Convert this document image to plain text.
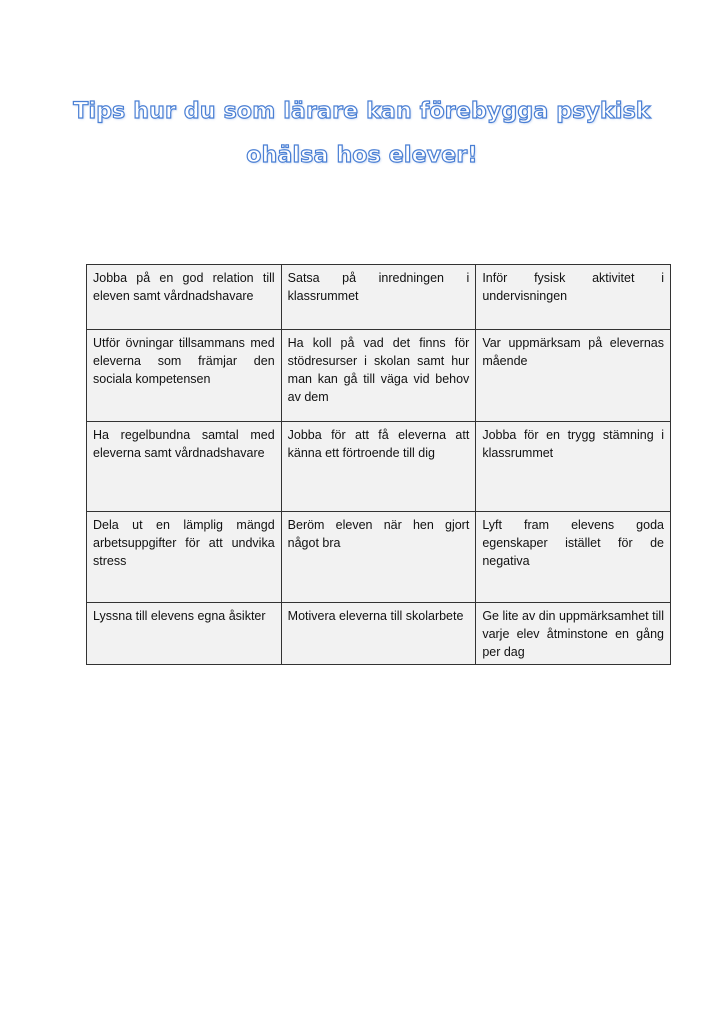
Tips hur du som lärare kan förebygga psykisk
ohälsa hos elever!
Jobba på en god relation till eleven samt vårdnadshavare	Satsa på inredningen i klassrummet	Inför fysisk aktivitet i undervisningen
Utför övningar tillsammans med eleverna som främjar den sociala kompetensen	Ha koll på vad det finns för stödresurser i skolan samt hur man kan gå till väga vid behov av dem	Var uppmärksam på elevernas mående
Ha regelbundna samtal med eleverna samt vårdnadshavare	Jobba för att få eleverna att känna ett förtroende till dig	Jobba för en trygg stämning i klassrummet
Dela ut en lämplig mängd arbetsuppgifter för att undvika stress	Beröm eleven när hen gjort något bra	Lyft fram elevens goda egenskaper istället för de negativa
Lyssna till elevens egna åsikter	Motivera eleverna till skolarbete	Ge lite av din uppmärksamhet till varje elev åtminstone en gång per dag
